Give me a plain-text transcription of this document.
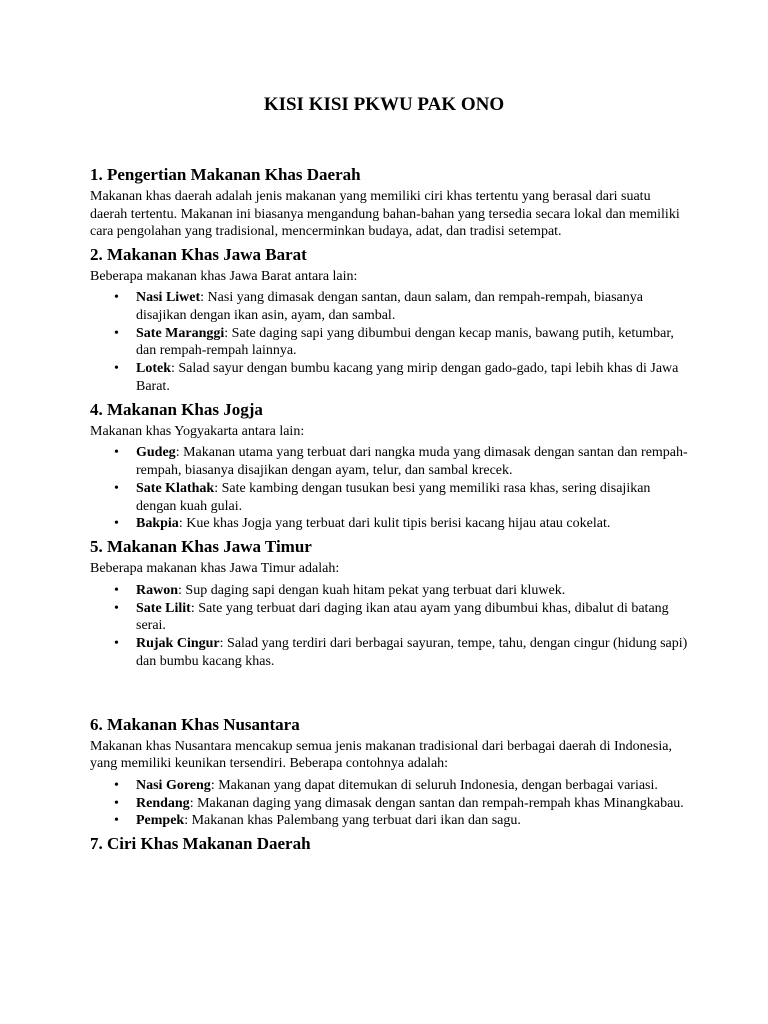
KISI KISI PKWU PAK ONO
1. Pengertian Makanan Khas Daerah

Makanan khas daerah adalah jenis makanan yang memiliki ciri khas tertentu yang berasal dari suatu daerah tertentu. Makanan ini biasanya mengandung bahan-bahan yang tersedia secara lokal dan memiliki cara pengolahan yang tradisional, mencerminkan budaya, adat, dan tradisi setempat.

2. Makanan Khas Jawa Barat

Beberapa makanan khas Jawa Barat antara lain:

• Nasi Liwet: Nasi yang dimasak dengan santan, daun salam, dan rempah-rempah, biasanya disajikan dengan ikan asin, ayam, dan sambal.
• Sate Maranggi: Sate daging sapi yang dibumbui dengan kecap manis, bawang putih, ketumbar, dan rempah-rempah lainnya.
• Lotek: Salad sayur dengan bumbu kacang yang mirip dengan gado-gado, tapi lebih khas di Jawa Barat.
4. Makanan Khas Jogja

Makanan khas Yogyakarta antara lain:

• Gudeg: Makanan utama yang terbuat dari nangka muda yang dimasak dengan santan dan rempah-rempah, biasanya disajikan dengan ayam, telur, dan sambal krecek.
• Sate Klathak: Sate kambing dengan tusukan besi yang memiliki rasa khas, sering disajikan dengan kuah gulai.
• Bakpia: Kue khas Jogja yang terbuat dari kulit tipis berisi kacang hijau atau cokelat.
5. Makanan Khas Jawa Timur

Beberapa makanan khas Jawa Timur adalah:

• Rawon: Sup daging sapi dengan kuah hitam pekat yang terbuat dari kluwek.
• Sate Lilit: Sate yang terbuat dari daging ikan atau ayam yang dibumbui khas, dibalut di batang serai.
• Rujak Cingur: Salad yang terdiri dari berbagai sayuran, tempe, tahu, dengan cingur (hidung sapi) dan bumbu kacang khas.
6. Makanan Khas Nusantara

Makanan khas Nusantara mencakup semua jenis makanan tradisional dari berbagai daerah di Indonesia, yang memiliki keunikan tersendiri. Beberapa contohnya adalah:

• Nasi Goreng: Makanan yang dapat ditemukan di seluruh Indonesia, dengan berbagai variasi.
• Rendang: Makanan daging yang dimasak dengan santan dan rempah-rempah khas Minangkabau.
• Pempek: Makanan khas Palembang yang terbuat dari ikan dan sagu.
7. Ciri Khas Makanan Daerah
